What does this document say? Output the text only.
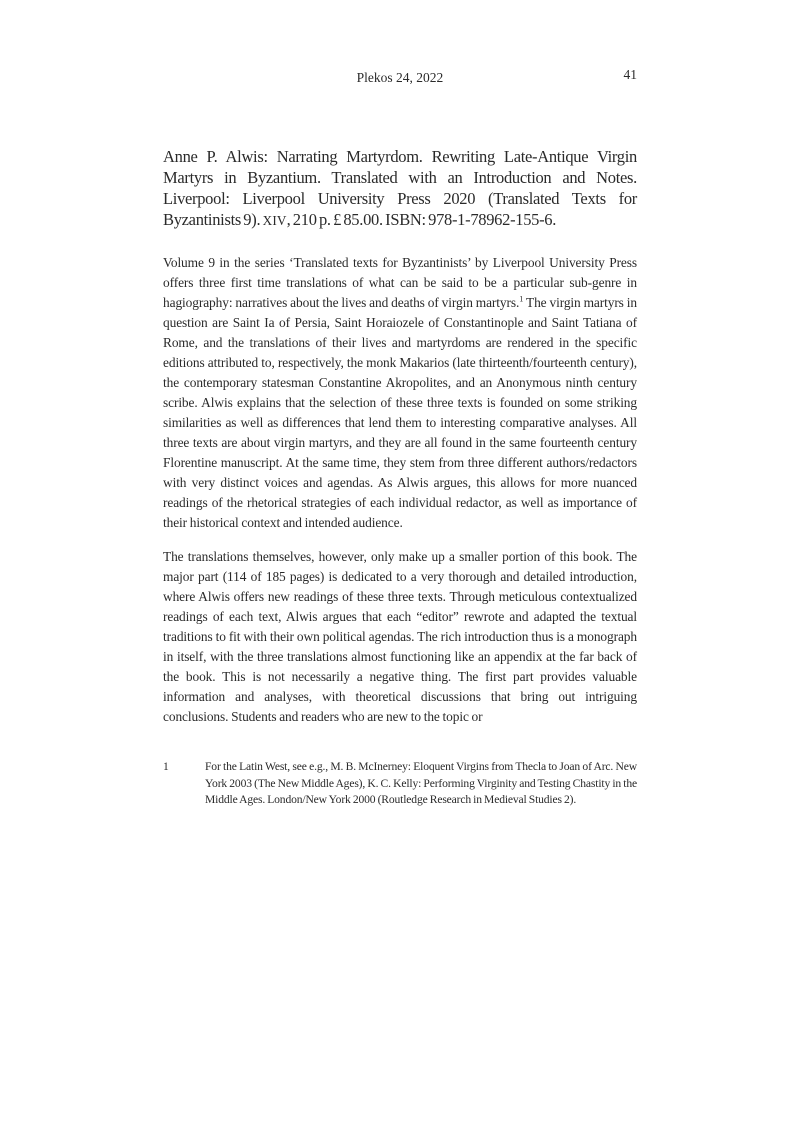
Plekos 24, 2022	41
Anne P. Alwis: Narrating Martyrdom. Rewriting Late-Antique Virgin Martyrs in Byzantium. Translated with an Introduction and Notes. Liverpool: Liverpool University Press 2020 (Translated Texts for Byzantinists 9). XIV, 210 p. £ 85.00. ISBN: 978-1-78962-155-6.

Volume 9 in the series ‘Translated texts for Byzantinists’ by Liverpool University Press offers three first time translations of what can be said to be a particular sub-genre in hagiography: narratives about the lives and deaths of virgin martyrs.$^1$ The virgin martyrs in question are Saint Ia of Persia, Saint Horaiozele of Constantinople and Saint Tatiana of Rome, and the translations of their lives and martyrdoms are rendered in the specific editions attributed to, respectively, the monk Makarios (late thirteenth/fourteenth century), the contemporary statesman Constantine Akropolites, and an Anonymous ninth century scribe. Alwis explains that the selection of these three texts is founded on some striking similarities as well as differences that lend them to interesting comparative analyses. All three texts are about virgin martyrs, and they are all found in the same fourteenth century Florentine manuscript. At the same time, they stem from three different authors/redactors with very distinct voices and agendas. As Alwis argues, this allows for more nuanced readings of the rhetorical strategies of each individual redactor, as well as importance of their historical context and intended audience.

The translations themselves, however, only make up a smaller portion of this book. The major part (114 of 185 pages) is dedicated to a very thorough and detailed introduction, where Alwis offers new readings of these three texts. Through meticulous contextualized readings of each text, Alwis argues that each “editor” rewrote and adapted the textual traditions to fit with their own political agendas. The rich introduction thus is a monograph in itself, with the three translations almost functioning like an appendix at the far back of the book. This is not necessarily a negative thing. The first part provides valuable information and analyses, with theoretical discussions that bring out intriguing conclusions. Students and readers who are new to the topic or

1	For the Latin West, see e.g., M. B. McInerney: Eloquent Virgins from Thecla to Joan of Arc. New York 2003 (The New Middle Ages), K. C. Kelly: Performing Virginity and Testing Chastity in the Middle Ages. London/New York 2000 (Routledge Research in Medieval Studies 2).
